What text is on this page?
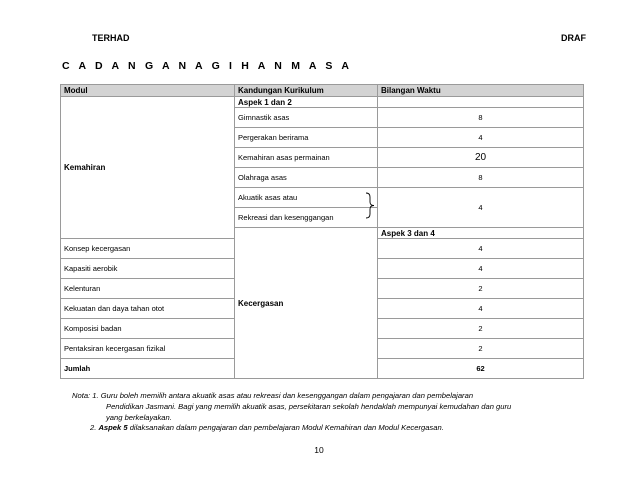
TERHAD	DRAF
C A D A N G A N A G I H A N M A S A
Modul	Kandungan Kurikulum	Bilangan Waktu	
Kemahiran	Aspek 1 dan 2		
	Gimnastik asas	8	
	Pergerakan berirama	4	
	Kemahiran asas permainan	20	
	Olahraga asas	8	
	Akuatik asas atau	4	
	Rekreasi dan kesenggangan		
	Kecergasan	Aspek 3 dan 4	
Konsep kecergasan		4	
Kapasiti aerobik		4	
Kelenturan		2	
Kekuatan dan daya tahan otot		4	
Komposisi badan		2	
Pentaksiran kecergasan fizikal		2	
Jumlah		62	
Nota: 1. Guru boleh memilih antara akuatik asas atau rekreasi dan kesenggangan dalam pengajaran dan pembelajaran
Pendidikan Jasmani. Bagi yang memilih akuatik asas, persekitaran sekolah hendaklah mempunyai kemudahan dan guru
yang berkelayakan.
2. Aspek 5 dilaksanakan dalam pengajaran dan pembelajaran Modul Kemahiran dan Modul Kecergasan.
10
